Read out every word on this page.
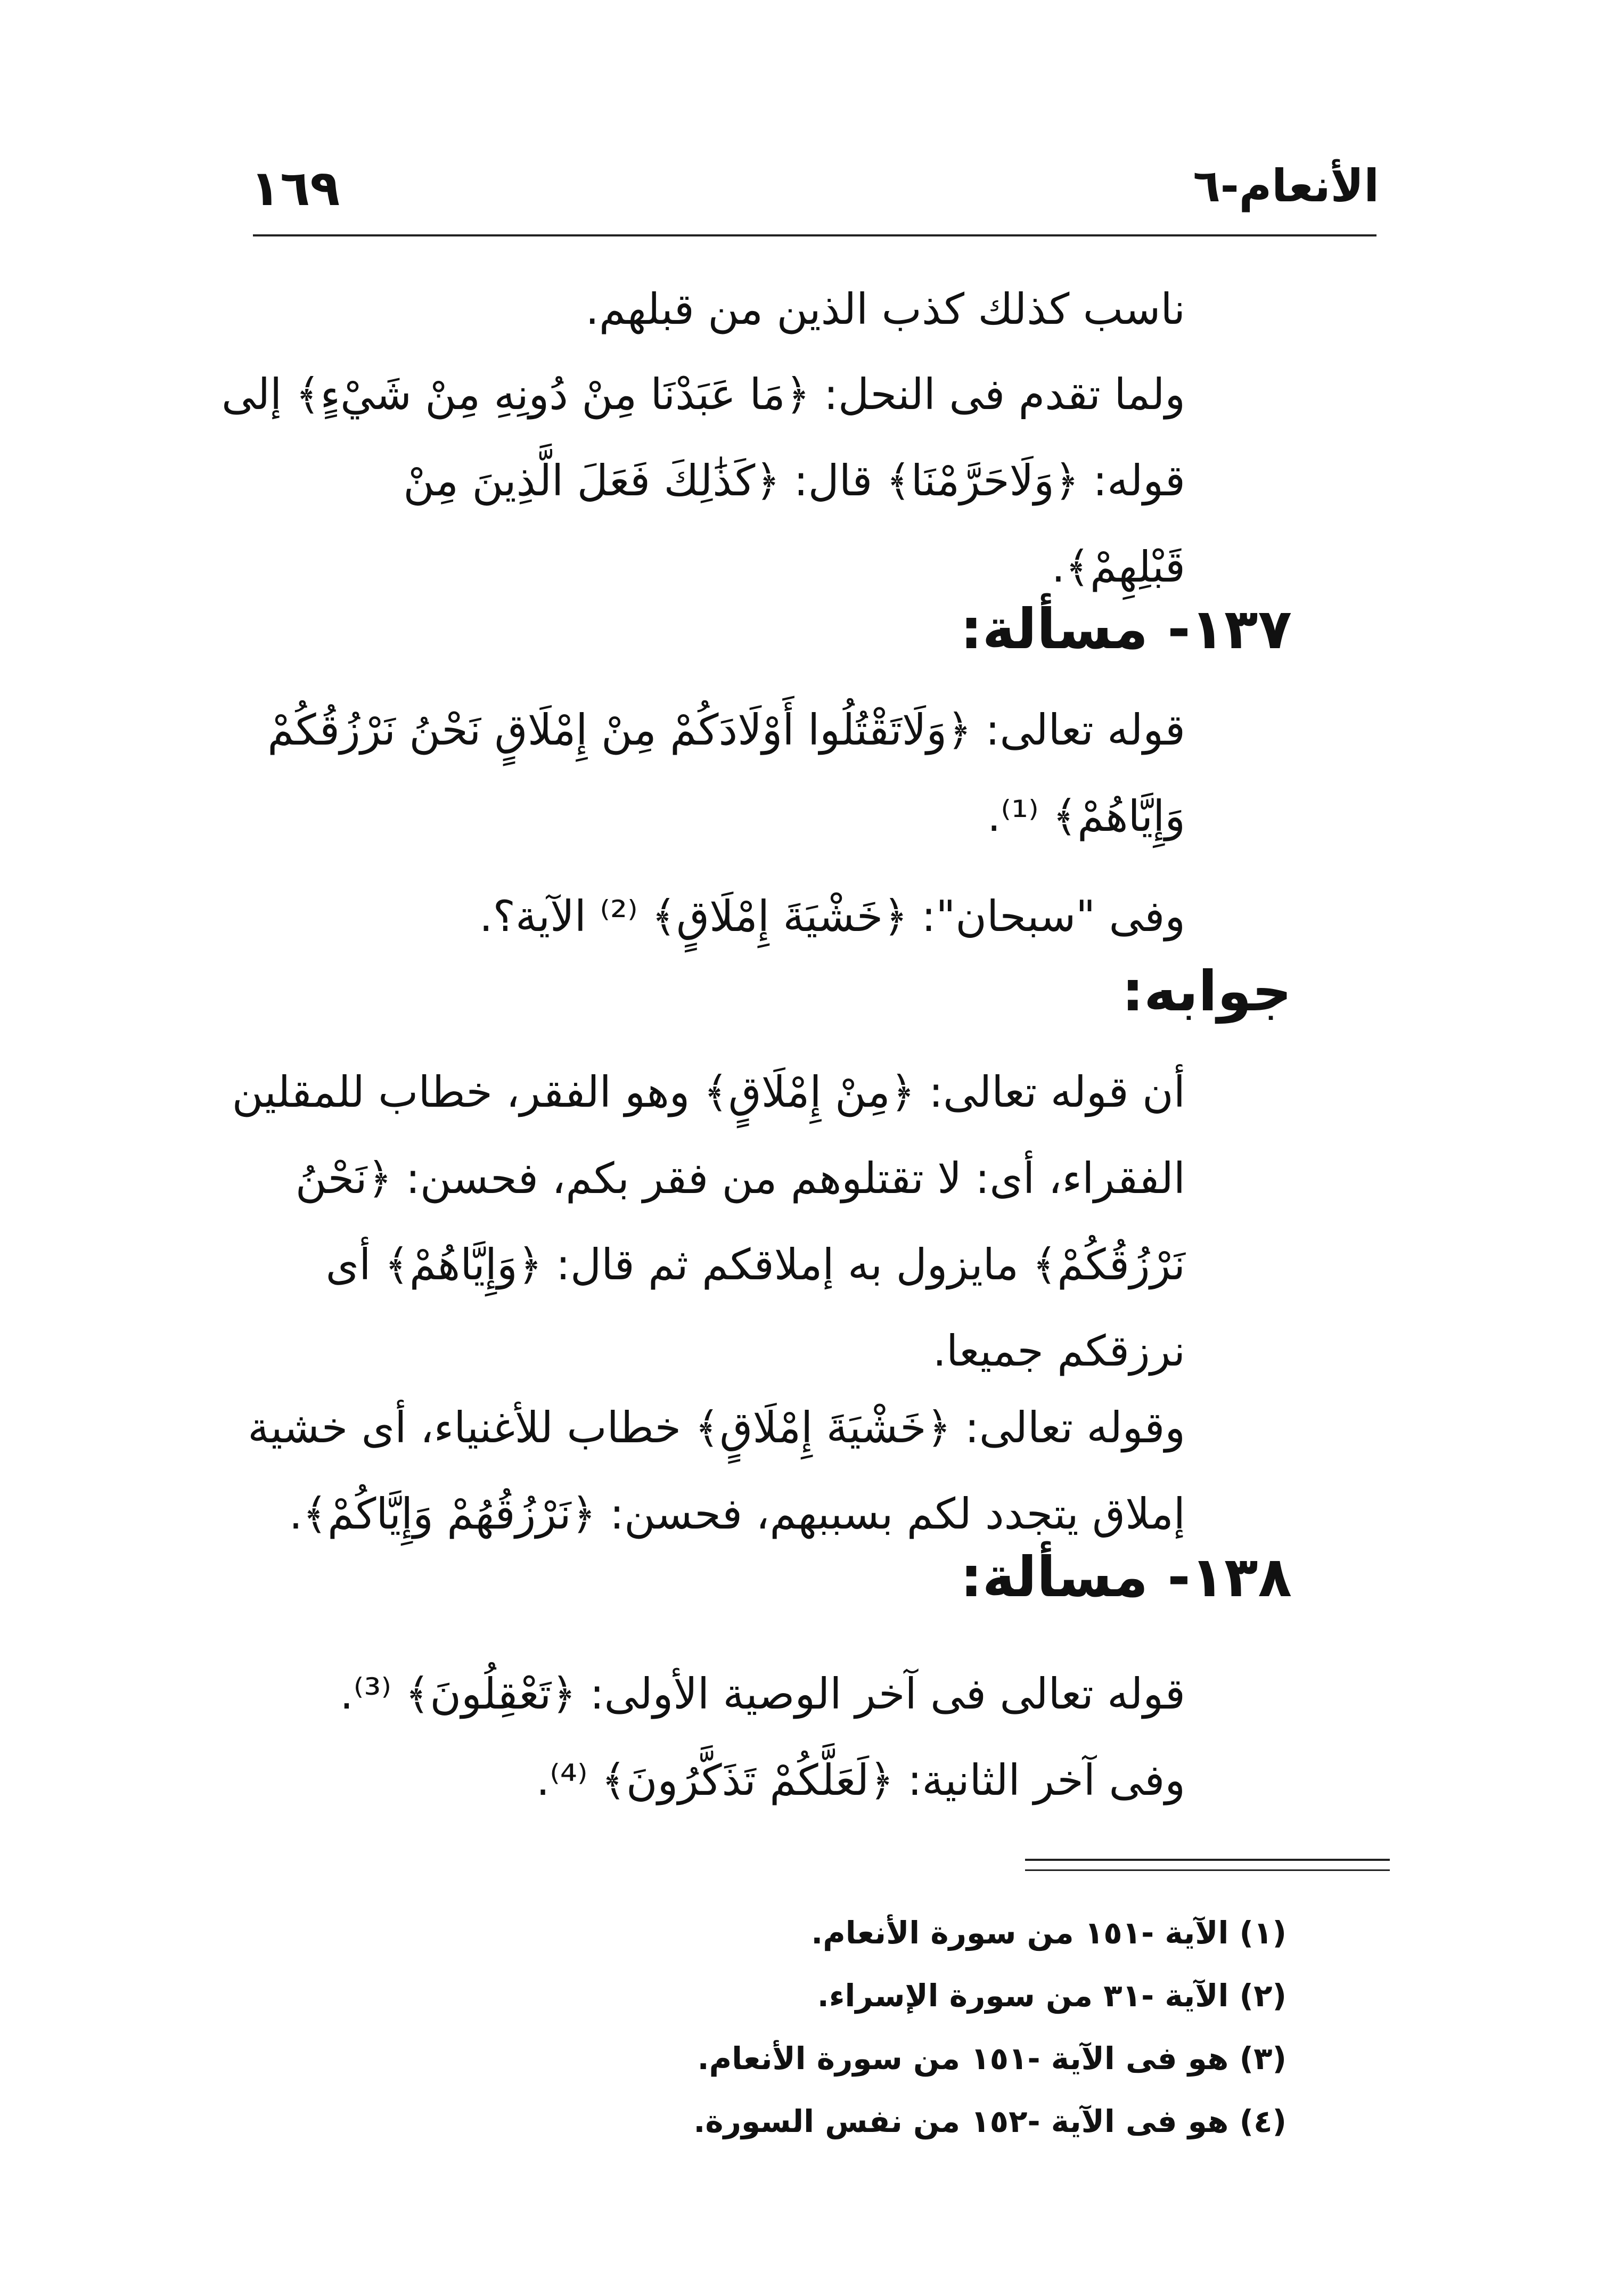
الأنعام-٦
١٦٩
ناسب كذلك كذب الذين من قبلهم.
ولما تقدم فى النحل: ﴿مَا عَبَدْنَا مِنْ دُونِهِ مِنْ شَيْءٍ﴾ إلى
قوله: ﴿وَلَاحَرَّمْنَا﴾ قال: ﴿كَذَٰلِكَ فَعَلَ الَّذِينَ مِنْ
قَبْلِهِمْ﴾.
١٣٧- مسألة:
قوله تعالى: ﴿وَلَاتَقْتُلُوا أَوْلَادَكُمْ مِنْ إِمْلَاقٍ نَحْنُ نَرْزُقُكُمْ
وَإِيَّاهُمْ﴾ ⁽¹⁾.
وفى "سبحان": ﴿خَشْيَةَ إِمْلَاقٍ﴾ ⁽²⁾ الآية؟.
جوابه:
أن قوله تعالى: ﴿مِنْ إِمْلَاقٍ﴾ وهو الفقر، خطاب للمقلين
الفقراء، أى: لا تقتلوهم من فقر بكم، فحسن: ﴿نَحْنُ
نَرْزُقُكُمْ﴾ مايزول به إملاقكم ثم قال: ﴿وَإِيَّاهُمْ﴾ أى
نرزقكم جميعا.
وقوله تعالى: ﴿خَشْيَةَ إِمْلَاقٍ﴾ خطاب للأغنياء، أى خشية
إملاق يتجدد لكم بسببهم، فحسن: ﴿نَرْزُقُهُمْ وَإِيَّاكُمْ﴾.
١٣٨- مسألة:
قوله تعالى فى آخر الوصية الأولى: ﴿تَعْقِلُونَ﴾ ⁽³⁾.
وفى آخر الثانية: ﴿لَعَلَّكُمْ تَذَكَّرُونَ﴾ ⁽⁴⁾.
(١) الآية -١٥١ من سورة الأنعام.
(٢) الآية -٣١ من سورة الإسراء.
(٣) هو فى الآية -١٥١ من سورة الأنعام.
(٤) هو فى الآية -١٥٢ من نفس السورة.
